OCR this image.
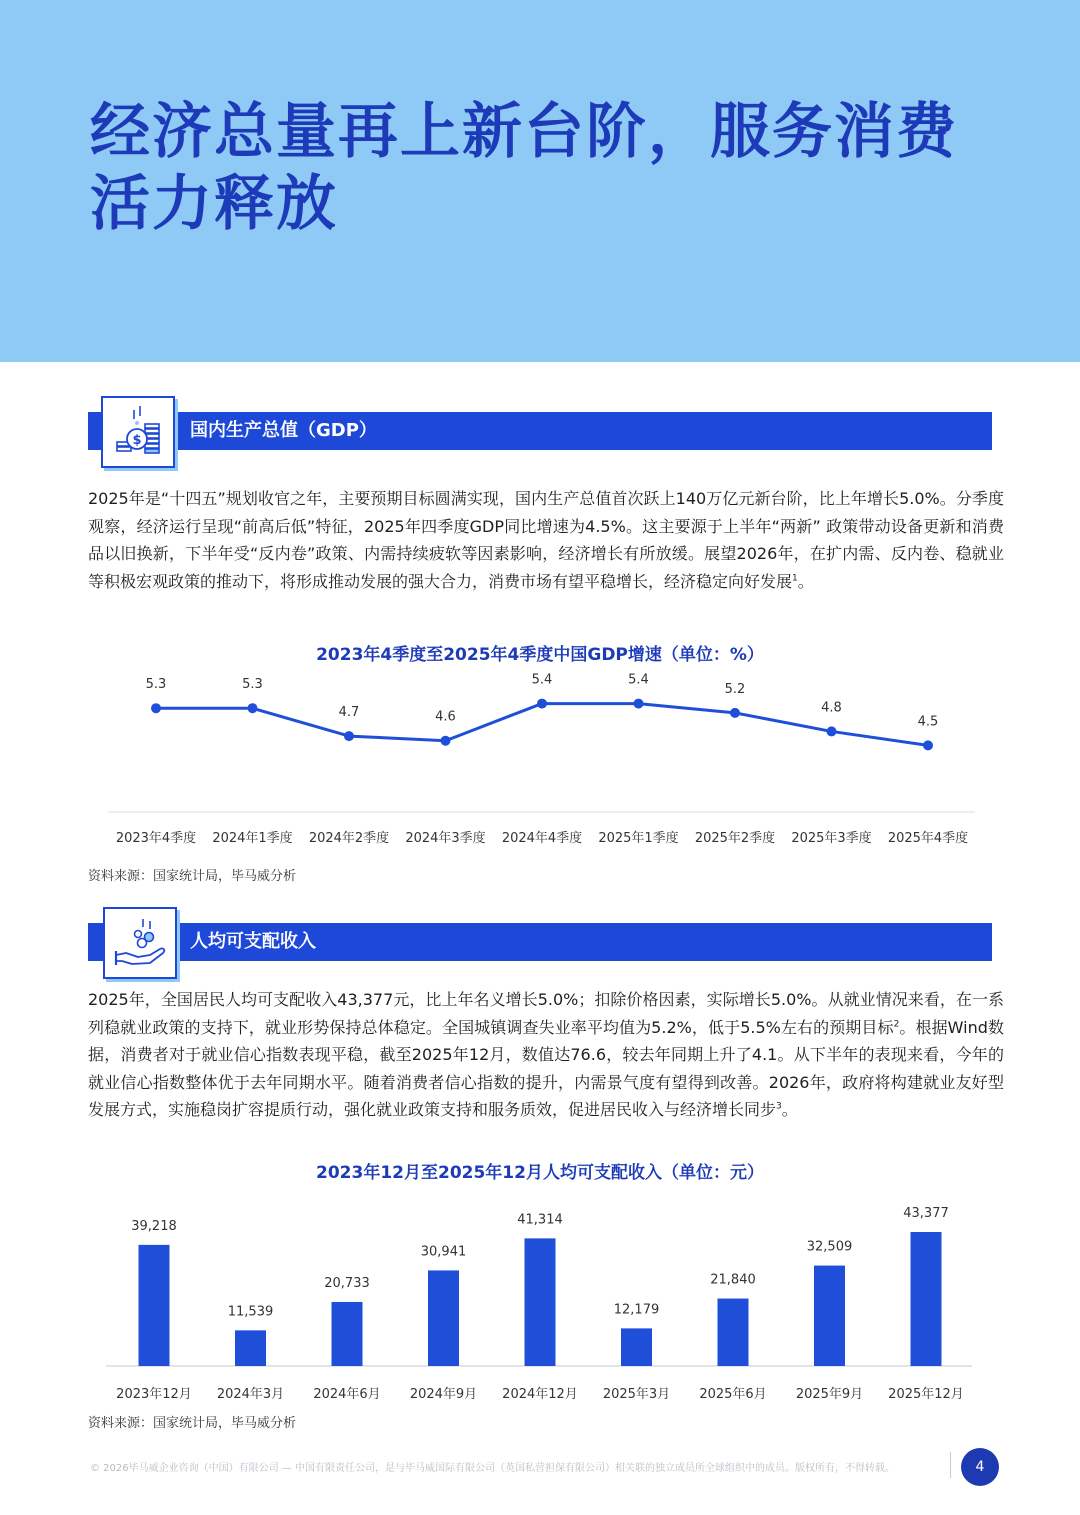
经济总量再上新台阶，服务消费活力释放
国内生产总值（GDP）
$

2025年是“十四五”规划收官之年，主要预期目标圆满实现，国内生产总值首次跃上140万亿元新台阶，比上年增长5.0%。分季度观察，经济运行呈现“前高后低”特征，2025年四季度GDP同比增速为4.5%。这主要源于上半年“两新” 政策带动设备更新和消费品以旧换新，下半年受“反内卷”政策、内需持续疲软等因素影响，经济增长有所放缓。展望2026年，在扩内需、反内卷、稳就业等积极宏观政策的推动下，将形成推动发展的强大合力，消费市场有望平稳增长，经济稳定向好发展$^1$。

2023年4季度至2025年4季度中国GDP增速（单位：%）
5.3
2023年4季度
5.3
2024年1季度
4.7
2024年2季度
4.6
2024年3季度
5.4
2024年4季度
5.4
2025年1季度
5.2
2025年2季度
4.8
2025年3季度
4.5
2025年4季度
资料来源：国家统计局，毕马威分析
人均可支配收入

2025年，全国居民人均可支配收入43,377元，比上年名义增长5.0%；扣除价格因素，实际增长5.0%。从就业情况来看，在一系列稳就业政策的支持下，就业形势保持总体稳定。全国城镇调查失业率平均值为5.2%，低于5.5%左右的预期目标$^2$。根据Wind数据，消费者对于就业信心指数表现平稳，截至2025年12月，数值达76.6，较去年同期上升了4.1。从下半年的表现来看，今年的就业信心指数整体优于去年同期水平。随着消费者信心指数的提升，内需景气度有望得到改善。2026年，政府将构建就业友好型发展方式，实施稳岗扩容提质行动，强化就业政策支持和服务质效，促进居民收入与经济增长同步$^3$。

2023年12月至2025年12月人均可支配收入（单位：元）
39,218
2023年12月
11,539
2024年3月
20,733
2024年6月
30,941
2024年9月
41,314
2024年12月
12,179
2025年3月
21,840
2025年6月
32,509
2025年9月
43,377
2025年12月
资料来源：国家统计局，毕马威分析
© 2026毕马威企业咨询（中国）有限公司 — 中国有限责任公司，是与毕马威国际有限公司（英国私营担保有限公司）相关联的独立成员所全球组织中的成员。版权所有，不得转载。	4
